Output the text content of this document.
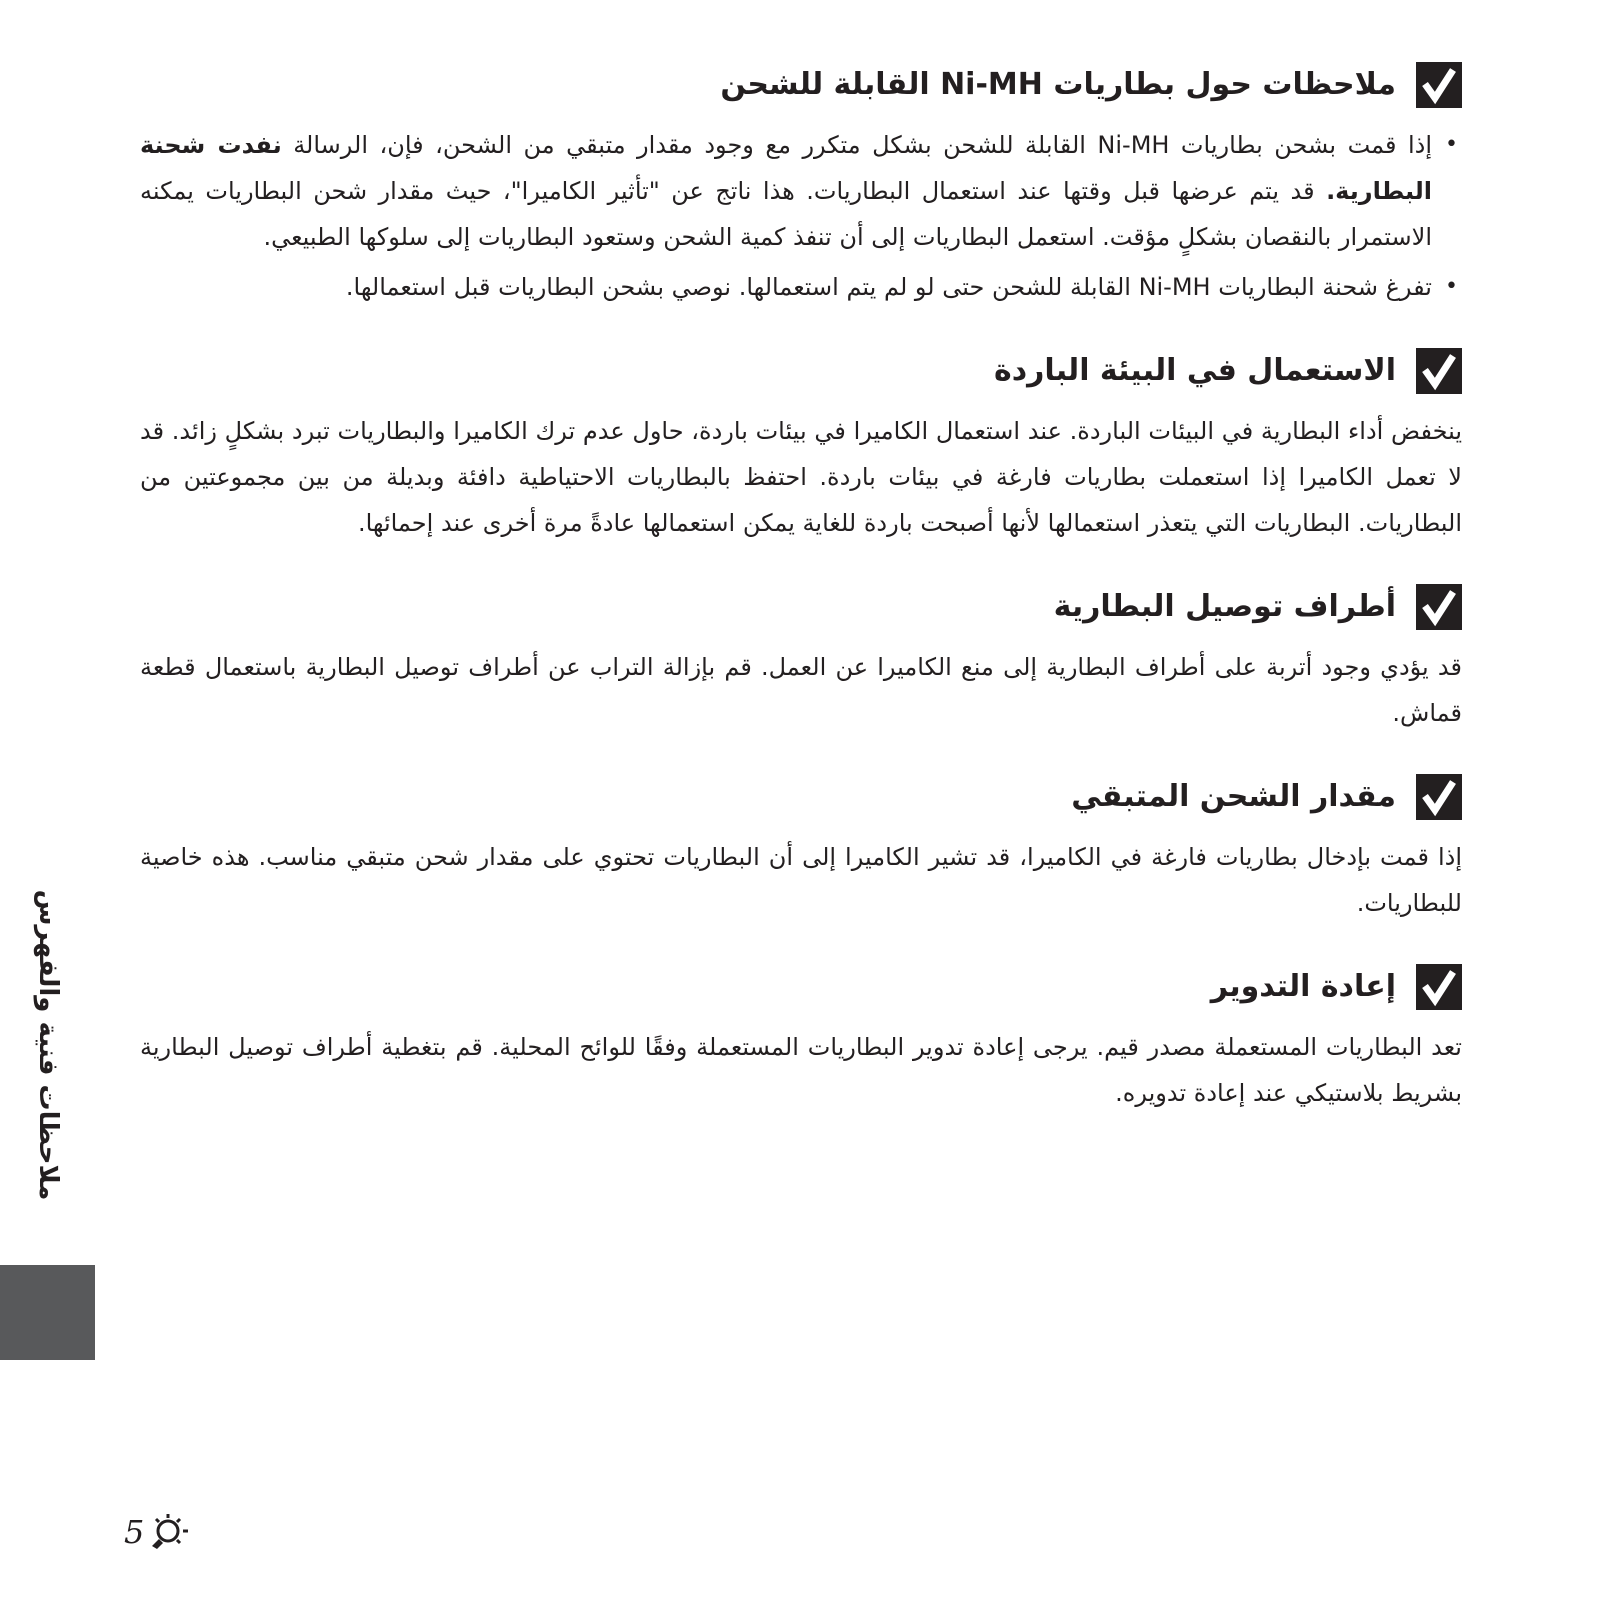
ملاحظات حول بطاريات Ni-MH القابلة للشحن
•
إذا قمت بشحن بطاريات Ni-MH القابلة للشحن بشكل متكرر مع وجود مقدار متبقي من الشحن، فإن، الرسالة نفدت شحنة البطارية. قد يتم عرضها قبل وقتها عند استعمال البطاريات. هذا ناتج عن "تأثير الكاميرا"، حيث مقدار شحن البطاريات يمكنه الاستمرار بالنقصان بشكلٍ مؤقت. استعمل البطاريات إلى أن تنفذ كمية الشحن وستعود البطاريات إلى سلوكها الطبيعي.
•
تفرغ شحنة البطاريات Ni-MH القابلة للشحن حتى لو لم يتم استعمالها. نوصي بشحن البطاريات قبل استعمالها.
الاستعمال في البيئة الباردة

ينخفض أداء البطارية في البيئات الباردة. عند استعمال الكاميرا في بيئات باردة، حاول عدم ترك الكاميرا والبطاريات تبرد بشكلٍ زائد. قد لا تعمل الكاميرا إذا استعملت بطاريات فارغة في بيئات باردة. احتفظ بالبطاريات الاحتياطية دافئة وبديلة من بين مجموعتين من البطاريات. البطاريات التي يتعذر استعمالها لأنها أصبحت باردة للغاية يمكن استعمالها عادةً مرة أخرى عند إحمائها.

أطراف توصيل البطارية

قد يؤدي وجود أتربة على أطراف البطارية إلى منع الكاميرا عن العمل. قم بإزالة التراب عن أطراف توصيل البطارية باستعمال قطعة قماش.

مقدار الشحن المتبقي

إذا قمت بإدخال بطاريات فارغة في الكاميرا، قد تشير الكاميرا إلى أن البطاريات تحتوي على مقدار شحن متبقي مناسب. هذه خاصية للبطاريات.

إعادة التدوير

تعد البطاريات المستعملة مصدر قيم. يرجى إعادة تدوير البطاريات المستعملة وفقًا للوائح المحلية. قم بتغطية أطراف توصيل البطارية بشريط بلاستيكي عند إعادة تدويره.

ملاحظات فنية والفهرس
5
